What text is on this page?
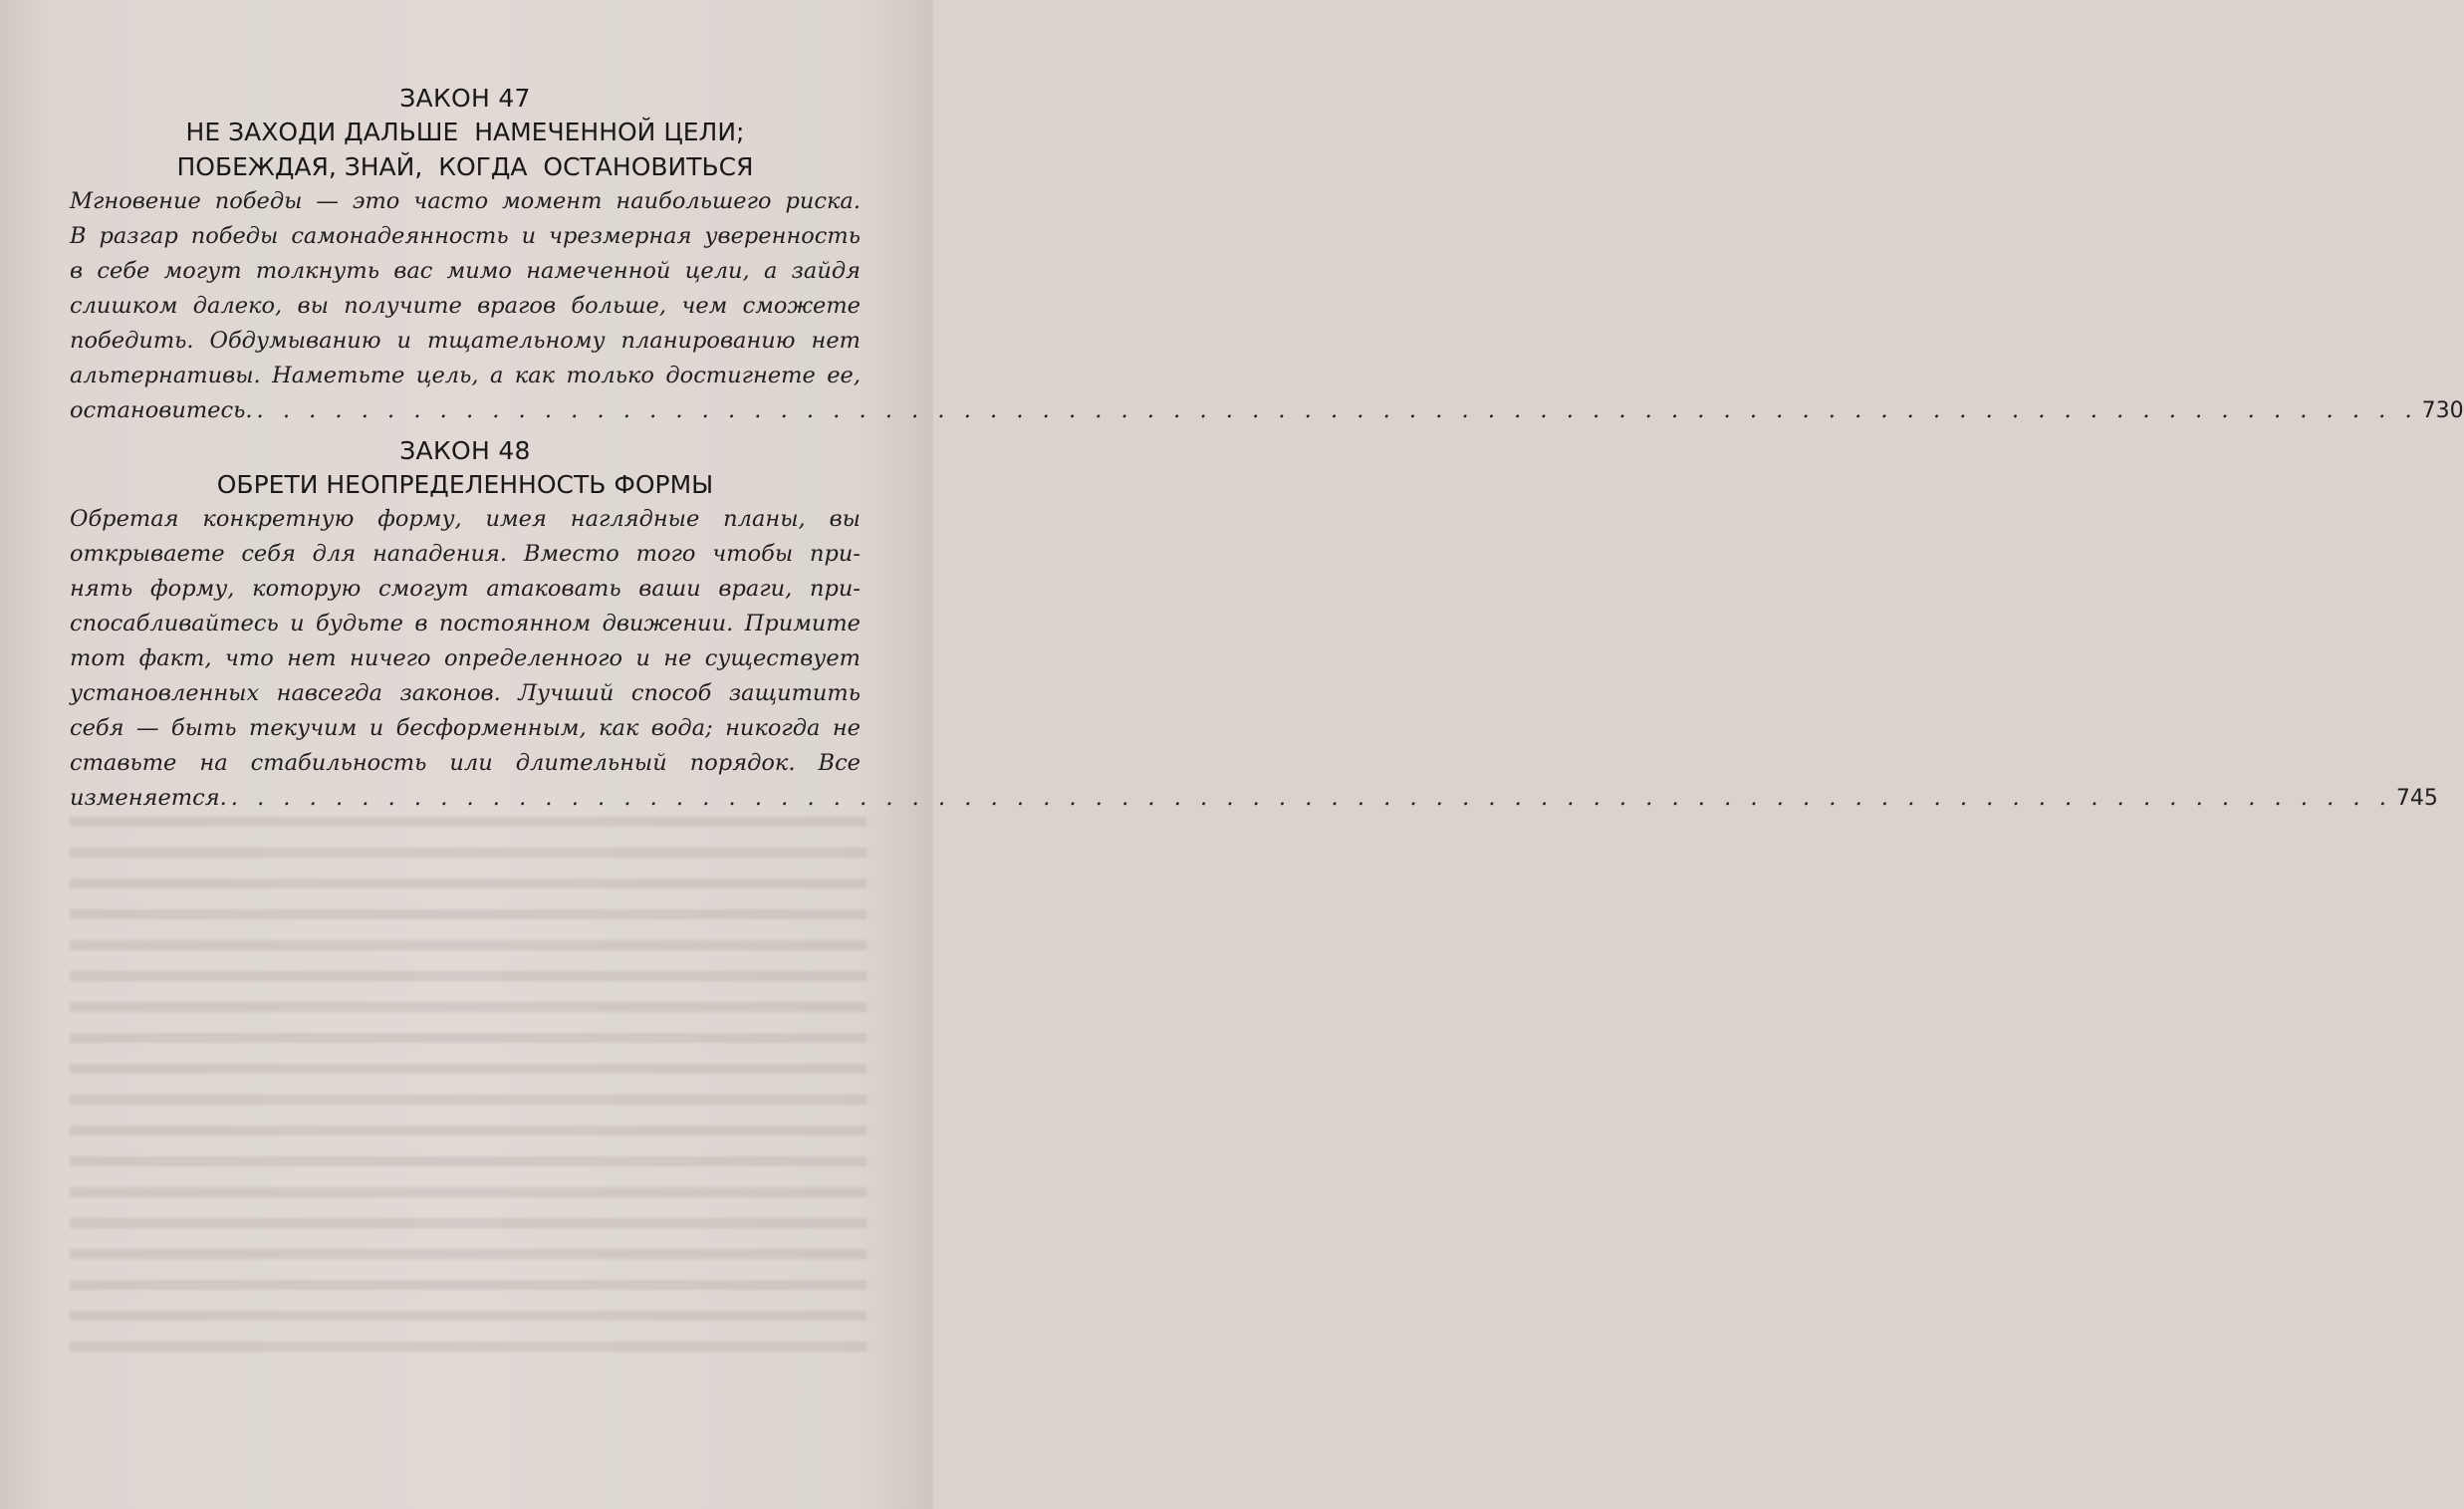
ЗАКОН 47
НЕ ЗАХОДИ ДАЛЬШЕ  НАМЕЧЕННОЙ ЦЕЛИ;
ПОБЕЖДАЯ, ЗНАЙ,  КОГДА  ОСТАНОВИТЬСЯ
Мгновение победы — это часто момент наибольшего риска.
В разгар победы самонадеянность и чрезмерная уверенность
в себе могут толкнуть вас мимо намеченной цели, а зайдя
слишком далеко, вы получите врагов больше, чем сможете
победить. Обдумыванию и тщательному планированию нет
альтернативы. Наметьте цель, а как только достигнете ее,
остановитесь. . . . . . . . . . . . . . . . . . . . . . . . . . . . . . . . . . . . . . . . . . . . . . . . . . . . . . . . . . . . . . . . . . . . . . . . . . . . . . . . . . . . 730
ЗАКОН 48
ОБРЕТИ НЕОПРЕДЕЛЕННОСТЬ ФОРМЫ
Обретая конкретную форму, имея наглядные планы, вы
открываете себя для нападения. Вместо того чтобы при-
нять форму, которую смогут атаковать ваши враги, при-
спосабливайтесь и будьте в постоянном движении. Примите
тот факт, что нет ничего определенного и не существует
установленных навсегда законов. Лучший способ защитить
себя — быть текучим и бесформенным, как вода; никогда не
ставьте на стабильность или длительный порядок. Все
изменяется. . . . . . . . . . . . . . . . . . . . . . . . . . . . . . . . . . . . . . . . . . . . . . . . . . . . . . . . . . . . . . . . . . . . . . . . . . . . . . . . . . . . 745
